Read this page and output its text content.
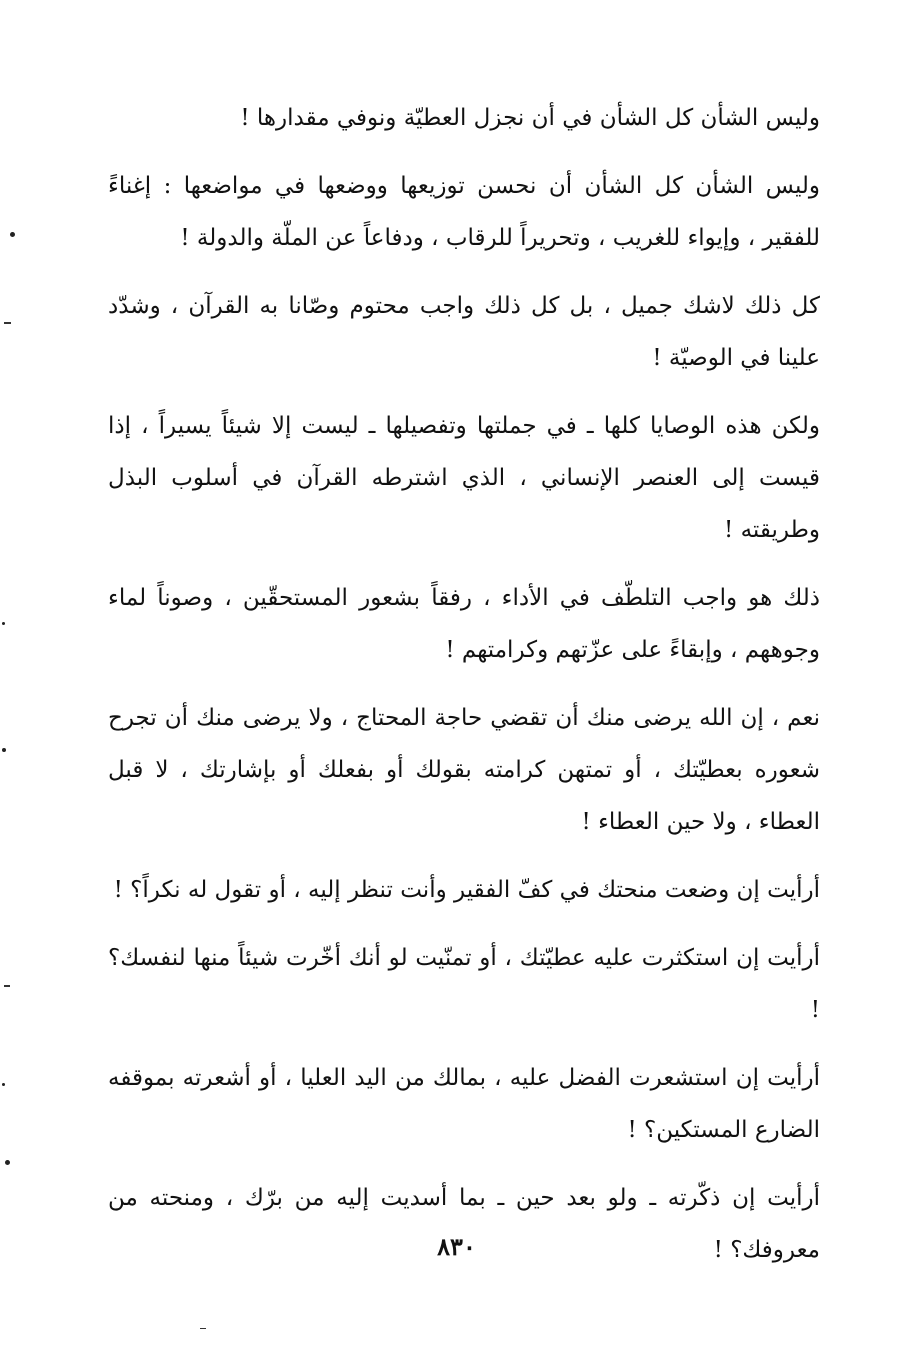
وليس الشأن كل الشأن في أن نجزل العطيّة ونوفي مقدارها !

وليس الشأن كل الشأن أن نحسن توزيعها ووضعها في مواضعها : إغناءً للفقير ، وإيواء للغريب ، وتحريراً للرقاب ، ودفاعاً عن الملّة والدولة !

كل ذلك لاشك جميل ، بل كل ذلك واجب محتوم وصّانا به القرآن ، وشدّد علينا في الوصيّة !

ولكن هذه الوصايا كلها ـ في جملتها وتفصيلها ـ ليست إلا شيئاً يسيراً ، إذا قيست إلى العنصر الإنساني ، الذي اشترطه القرآن في أسلوب البذل وطريقته !

ذلك هو واجب التلطّف في الأداء ، رفقاً بشعور المستحقّين ، وصوناً لماء وجوههم ، وإبقاءً على عزّتهم وكرامتهم !

نعم ، إن الله يرضى منك أن تقضي حاجة المحتاج ، ولا يرضى منك أن تجرح شعوره بعطيّتك ، أو تمتهن كرامته بقولك أو بفعلك أو بإشارتك ، لا قبل العطاء ، ولا حين العطاء !

أرأيت إن وضعت منحتك في كفّ الفقير وأنت تنظر إليه ، أو تقول له نكراً؟ !

أرأيت إن استكثرت عليه عطيّتك ، أو تمنّيت لو أنك أخّرت شيئاً منها لنفسك؟ !

أرأيت إن استشعرت الفضل عليه ، بمالك من اليد العليا ، أو أشعرته بموقفه الضارع المستكين؟ !

أرأيت إن ذكّرته ـ ولو بعد حين ـ بما أسديت إليه من برّك ، ومنحته من معروفك؟ !

٨٣٠
